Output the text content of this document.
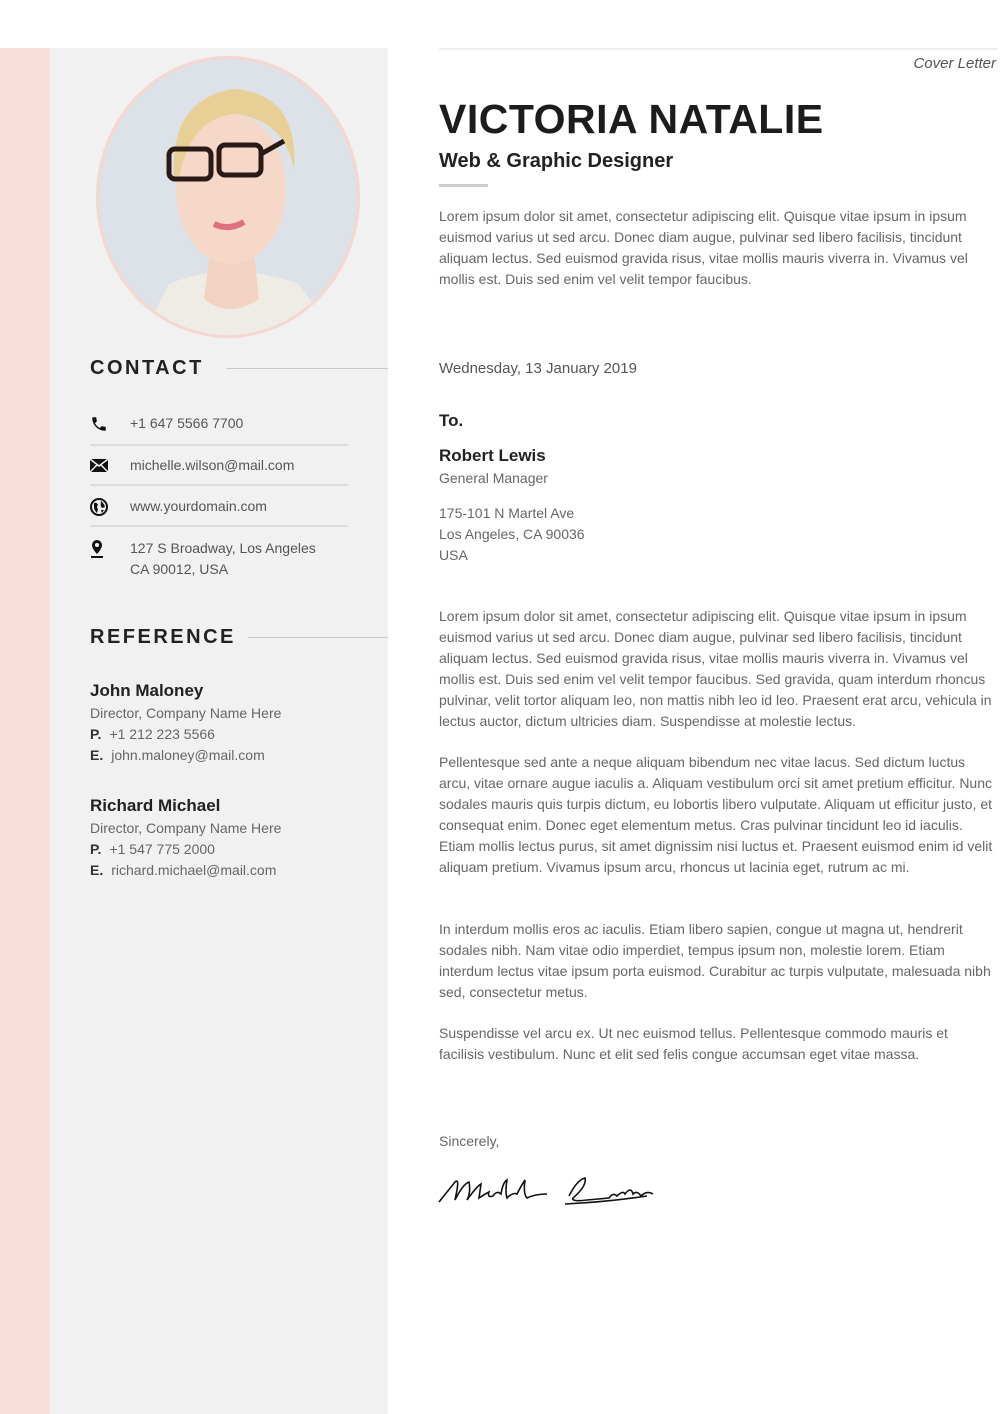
CONTACT
+1 647 5566 7700
michelle.wilson@mail.com
www.yourdomain.com
127 S Broadway, Los Angeles
CA 90012, USA
REFERENCE
John Maloney
Director, Company Name Here
P. +1 212 223 5566
E. john.maloney@mail.com
Richard Michael
Director, Company Name Here
P. +1 547 775 2000
E. richard.michael@mail.com
Cover Letter
VICTORIA NATALIE
Web & Graphic Designer
Lorem ipsum dolor sit amet, consectetur adipiscing elit. Quisque vitae ipsum in ipsum euismod varius ut sed arcu. Donec diam augue, pulvinar sed libero facilisis, tincidunt aliquam lectus. Sed euismod gravida risus, vitae mollis mauris viverra in. Vivamus vel mollis est. Duis sed enim vel velit tempor faucibus.
Wednesday, 13 January 2019
To.
Robert Lewis
General Manager
175-101 N Martel Ave
Los Angeles, CA 90036
USA
Lorem ipsum dolor sit amet, consectetur adipiscing elit. Quisque vitae ipsum in ipsum euismod varius ut sed arcu. Donec diam augue, pulvinar sed libero facilisis, tincidunt aliquam lectus. Sed euismod gravida risus, vitae mollis mauris viverra in. Vivamus vel mollis est. Duis sed enim vel velit tempor faucibus. Sed gravida, quam interdum rhoncus pulvinar, velit tortor aliquam leo, non mattis nibh leo id leo. Praesent erat arcu, vehicula in lectus auctor, dictum ultricies diam. Suspendisse at molestie lectus.
Pellentesque sed ante a neque aliquam bibendum nec vitae lacus. Sed dictum luctus arcu, vitae ornare augue iaculis a. Aliquam vestibulum orci sit amet pretium efficitur. Nunc sodales mauris quis turpis dictum, eu lobortis libero vulputate. Aliquam ut efficitur justo, et consequat enim. Donec eget elementum metus. Cras pulvinar tincidunt leo id iaculis. Etiam mollis lectus purus, sit amet dignissim nisi luctus et. Praesent euismod enim id velit aliquam pretium. Vivamus ipsum arcu, rhoncus ut lacinia eget, rutrum ac mi.
In interdum mollis eros ac iaculis. Etiam libero sapien, congue ut magna ut, hendrerit sodales nibh. Nam vitae odio imperdiet, tempus ipsum non, molestie lorem. Etiam interdum lectus vitae ipsum porta euismod. Curabitur ac turpis vulputate, malesuada nibh sed, consectetur metus.
Suspendisse vel arcu ex. Ut nec euismod tellus. Pellentesque commodo mauris et facilisis vestibulum. Nunc et elit sed felis congue accumsan eget vitae massa.
Sincerely,
